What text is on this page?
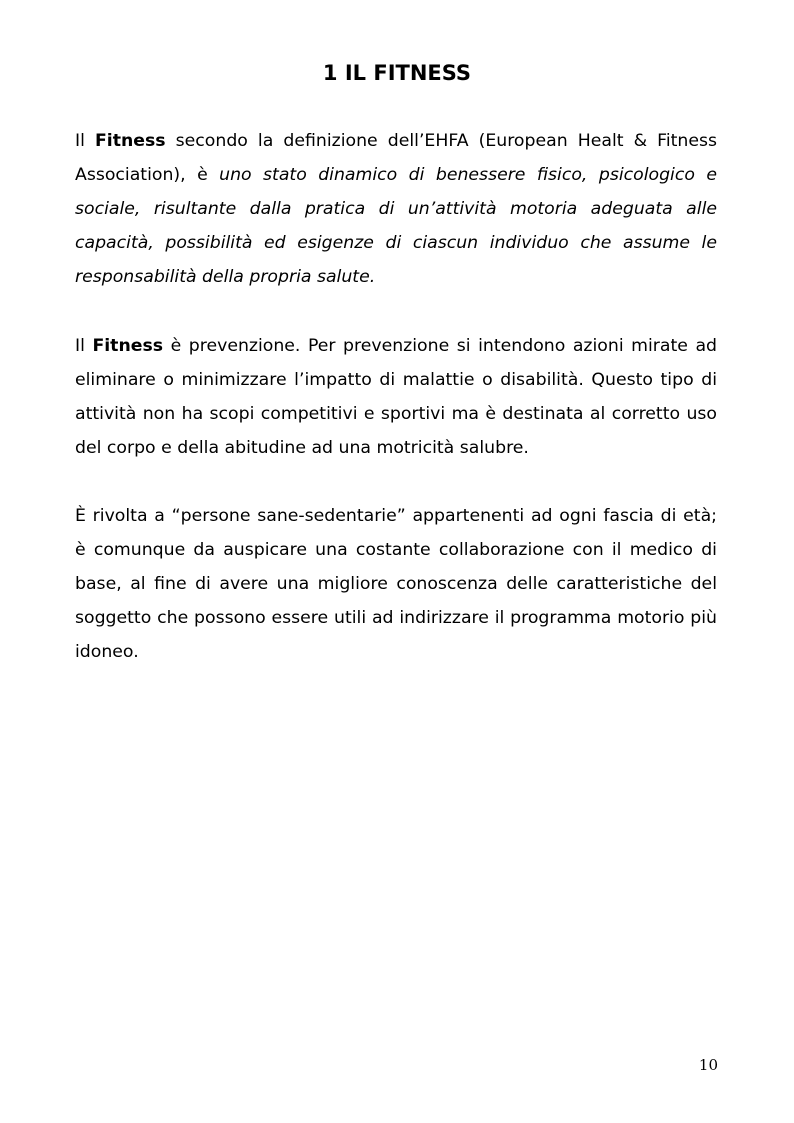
1 IL FITNESS

Il Fitness secondo la definizione dell’EHFA (European Healt & Fitness Association), è uno stato dinamico di benessere fisico, psicologico e sociale, risultante dalla pratica di un’attività motoria adeguata alle capacità, possibilità ed esigenze di ciascun individuo che assume le responsabilità della propria salute.

Il Fitness è prevenzione. Per prevenzione si intendono azioni mirate ad eliminare o minimizzare l’impatto di malattie o disabilità. Questo tipo di attività non ha scopi competitivi e sportivi ma è destinata al corretto uso del corpo e della abitudine ad una motricità salubre.

È rivolta a “persone sane-sedentarie” appartenenti ad ogni fascia di età; è comunque da auspicare una costante collaborazione con il medico di base, al fine di avere una migliore conoscenza delle caratteristiche del soggetto che possono essere utili ad indirizzare il programma motorio più idoneo.

10
